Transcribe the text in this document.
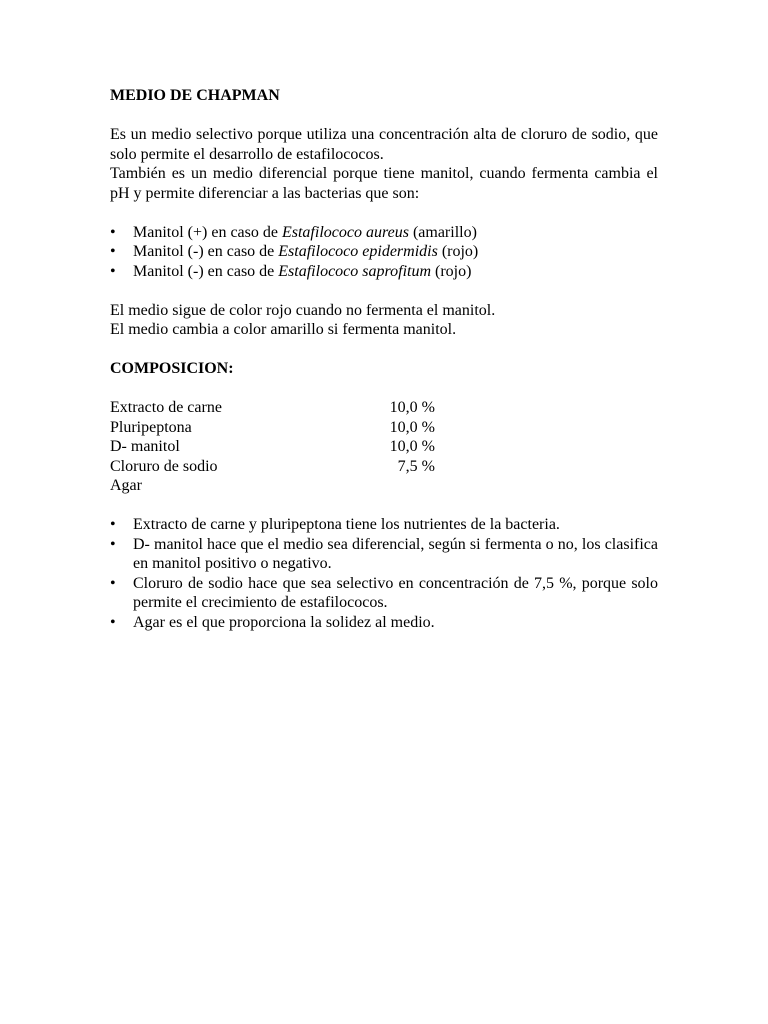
MEDIO DE CHAPMAN

Es un medio selectivo porque utiliza una concentración alta de cloruro de sodio, que solo permite el desarrollo de estafilococos.

También es un medio diferencial porque tiene manitol, cuando fermenta cambia el pH y permite diferenciar a las bacterias que son:

• Manitol (+) en caso de Estafilococo aureus (amarillo)
• Manitol (-) en caso de Estafilococo epidermidis (rojo)
• Manitol (-) en caso de Estafilococo saprofitum (rojo)

El medio sigue de color rojo cuando no fermenta el manitol.

El medio cambia a color amarillo si fermenta manitol.

COMPOSICION:

Extracto de carne	10,0 %
Pluripeptona	10,0 %
D- manitol	10,0 %
Cloruro de sodio	7,5 %
Agar
• Extracto de carne y pluripeptona tiene los nutrientes de la bacteria.
• D- manitol hace que el medio sea diferencial, según si fermenta o no, los clasifica en manitol positivo o negativo.
• Cloruro de sodio hace que sea selectivo en concentración de 7,5 %, porque solo permite el crecimiento de estafilococos.
• Agar es el que proporciona la solidez al medio.
